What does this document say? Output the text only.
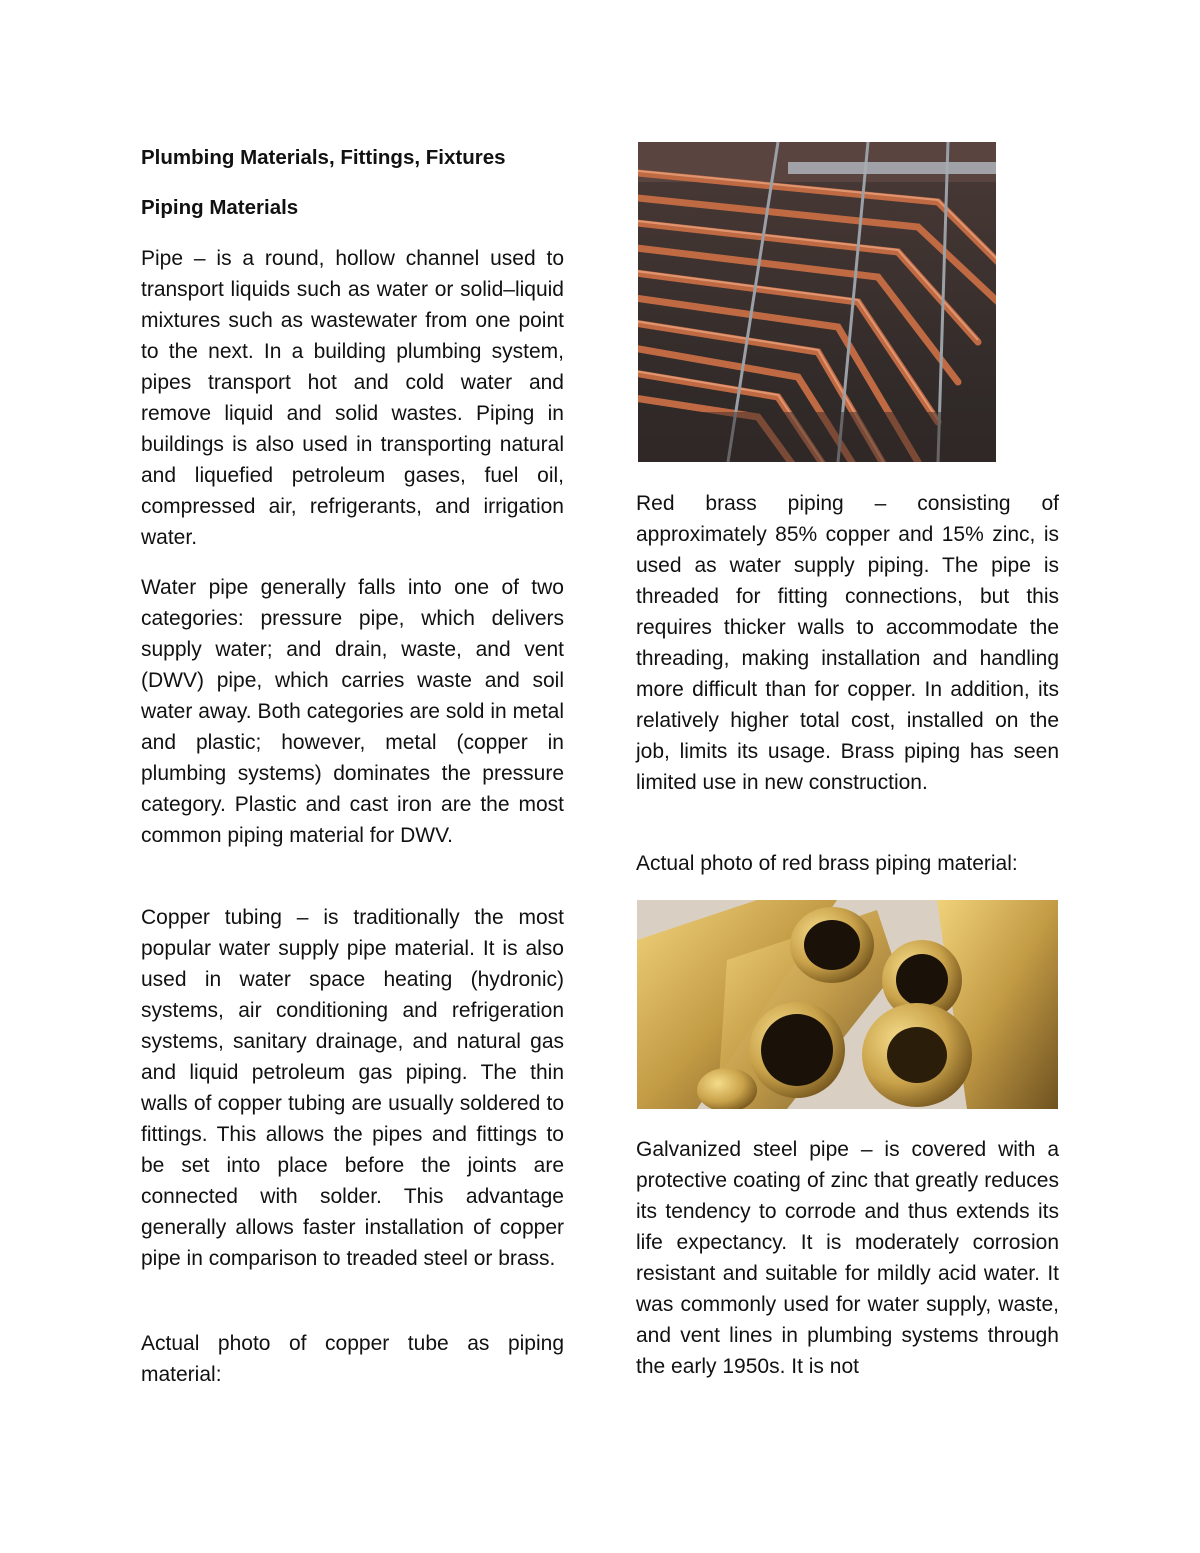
Plumbing Materials, Fittings, Fixtures
Piping Materials
Pipe – is a round, hollow channel used to transport liquids such as water or solid–liquid mixtures such as wastewater from one point to the next. In a building plumbing system, pipes transport hot and cold water and remove liquid and solid wastes. Piping in buildings is also used in transporting natural and liquefied petroleum gases, fuel oil, compressed air, refrigerants, and irrigation water.
Water pipe generally falls into one of two categories: pressure pipe, which delivers supply water; and drain, waste, and vent (DWV) pipe, which carries waste and soil water away. Both categories are sold in metal and plastic; however, metal (copper in plumbing systems) dominates the pressure category. Plastic and cast iron are the most common piping material for DWV.
Copper tubing – is traditionally the most popular water supply pipe material. It is also used in water space heating (hydronic) systems, air conditioning and refrigeration systems, sanitary drainage, and natural gas and liquid petroleum gas piping. The thin walls of copper tubing are usually soldered to fittings. This allows the pipes and fittings to be set into place before the joints are connected with solder. This advantage generally allows faster installation of copper pipe in comparison to treaded steel or brass.
Actual photo of copper tube as piping material:
Red brass piping – consisting of approximately 85% copper and 15% zinc, is used as water supply piping. The pipe is threaded for fitting connections, but this requires thicker walls to accommodate the threading, making installation and handling more difficult than for copper. In addition, its relatively higher total cost, installed on the job, limits its usage. Brass piping has seen limited use in new construction.
Actual photo of red brass piping material:
Galvanized steel pipe – is covered with a protective coating of zinc that greatly reduces its tendency to corrode and thus extends its life expectancy. It is moderately corrosion resistant and suitable for mildly acid water. It was commonly used for water supply, waste, and vent lines in plumbing systems through the early 1950s. It is not
